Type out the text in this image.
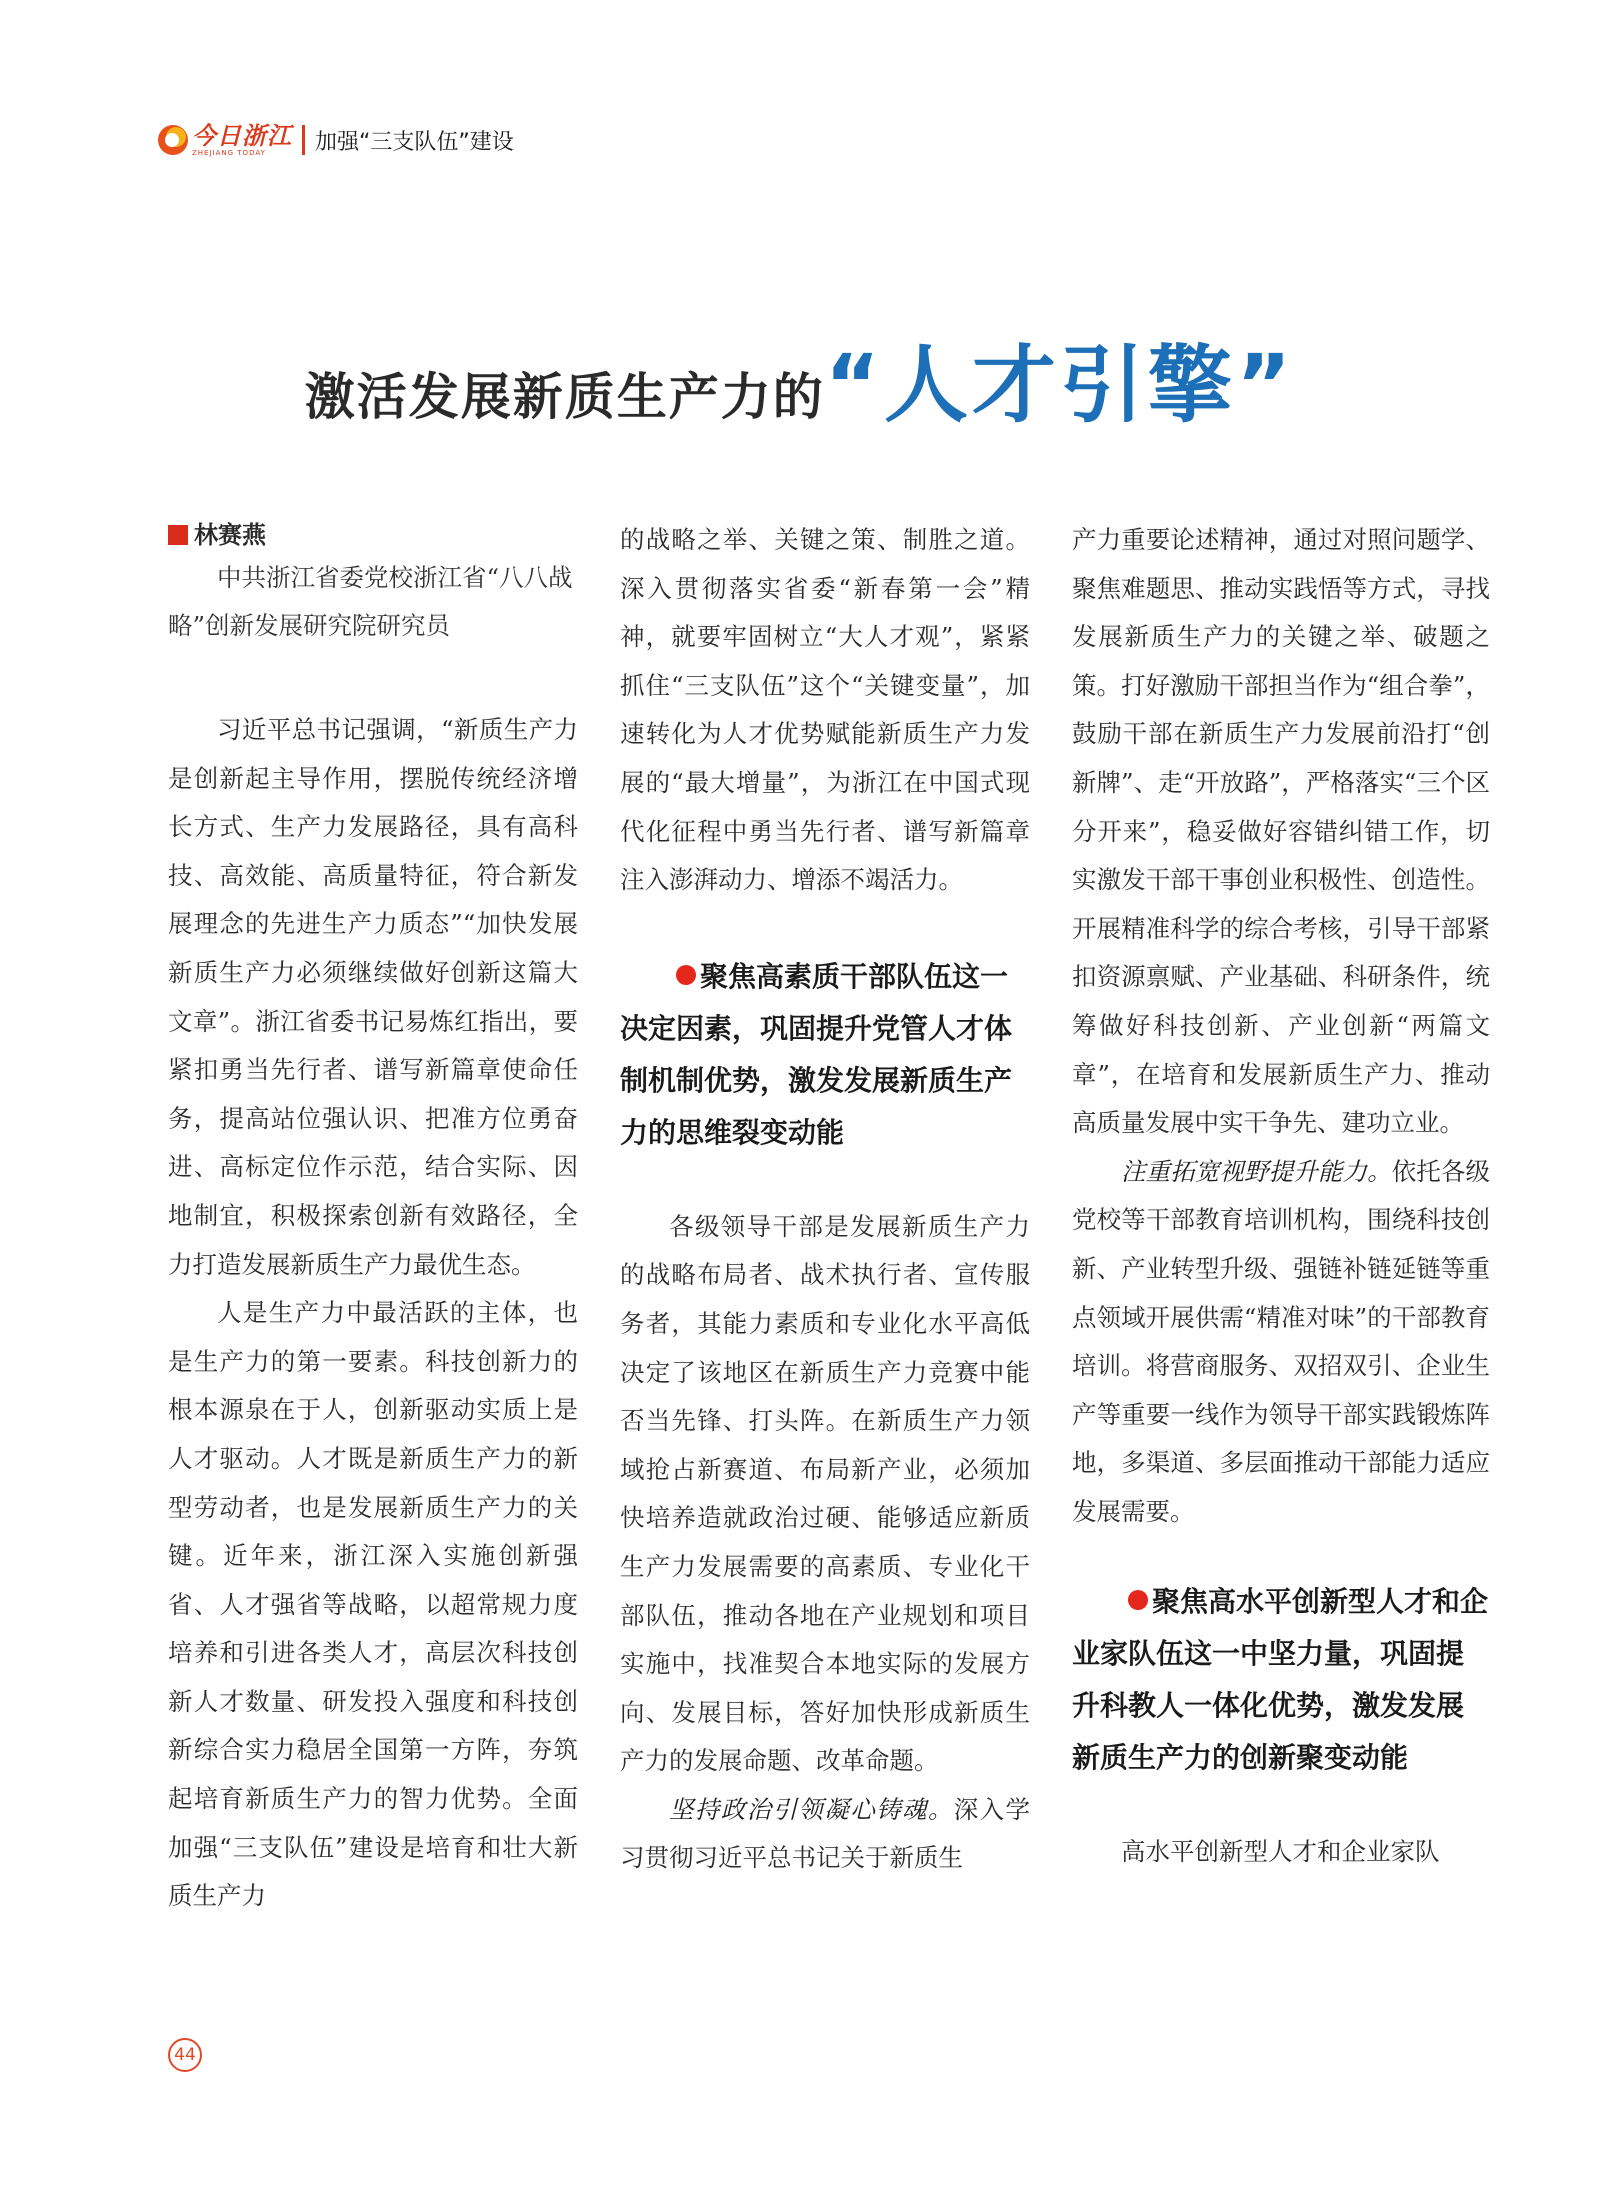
今日浙江
ZHEJIANG TODAY	加强“三支队伍”建设
激活发展新质生产力的“人才引擎”
林赛燕

中共浙江省委党校浙江省“八八战略”创新发展研究院研究员

习近平总书记强调，“新质生产力是创新起主导作用，摆脱传统经济增长方式、生产力发展路径，具有高科技、高效能、高质量特征，符合新发展理念的先进生产力质态”“加快发展新质生产力必须继续做好创新这篇大文章”。浙江省委书记易炼红指出，要紧扣勇当先行者、谱写新篇章使命任务，提高站位强认识、把准方位勇奋进、高标定位作示范，结合实际、因地制宜，积极探索创新有效路径，全力打造发展新质生产力最优生态。

人是生产力中最活跃的主体，也是生产力的第一要素。科技创新力的根本源泉在于人，创新驱动实质上是人才驱动。人才既是新质生产力的新型劳动者，也是发展新质生产力的关键。近年来，浙江深入实施创新强省、人才强省等战略，以超常规力度培养和引进各类人才，高层次科技创新人才数量、研发投入强度和科技创新综合实力稳居全国第一方阵，夯筑起培育新质生产力的智力优势。全面加强“三支队伍”建设是培育和壮大新质生产力

的战略之举、关键之策、制胜之道。深入贯彻落实省委“新春第一会”精神，就要牢固树立“大人才观”，紧紧抓住“三支队伍”这个“关键变量”，加速转化为人才优势赋能新质生产力发展的“最大增量”，为浙江在中国式现代化征程中勇当先行者、谱写新篇章注入澎湃动力、增添不竭活力。

聚焦高素质干部队伍这一决定因素，巩固提升党管人才体制机制优势，激发发展新质生产力的思维裂变动能

各级领导干部是发展新质生产力的战略布局者、战术执行者、宣传服务者，其能力素质和专业化水平高低决定了该地区在新质生产力竞赛中能否当先锋、打头阵。在新质生产力领域抢占新赛道、布局新产业，必须加快培养造就政治过硬、能够适应新质生产力发展需要的高素质、专业化干部队伍，推动各地在产业规划和项目实施中，找准契合本地实际的发展方向、发展目标，答好加快形成新质生产力的发展命题、改革命题。

坚持政治引领凝心铸魂。深入学习贯彻习近平总书记关于新质生

产力重要论述精神，通过对照问题学、聚焦难题思、推动实践悟等方式，寻找发展新质生产力的关键之举、破题之策。打好激励干部担当作为“组合拳”，鼓励干部在新质生产力发展前沿打“创新牌”、走“开放路”，严格落实“三个区分开来”，稳妥做好容错纠错工作，切实激发干部干事创业积极性、创造性。开展精准科学的综合考核，引导干部紧扣资源禀赋、产业基础、科研条件，统筹做好科技创新、产业创新“两篇文章”，在培育和发展新质生产力、推动高质量发展中实干争先、建功立业。

注重拓宽视野提升能力。依托各级党校等干部教育培训机构，围绕科技创新、产业转型升级、强链补链延链等重点领域开展供需“精准对味”的干部教育培训。将营商服务、双招双引、企业生产等重要一线作为领导干部实践锻炼阵地，多渠道、多层面推动干部能力适应发展需要。

聚焦高水平创新型人才和企业家队伍这一中坚力量，巩固提升科教人一体化优势，激发发展新质生产力的创新聚变动能

高水平创新型人才和企业家队

44
